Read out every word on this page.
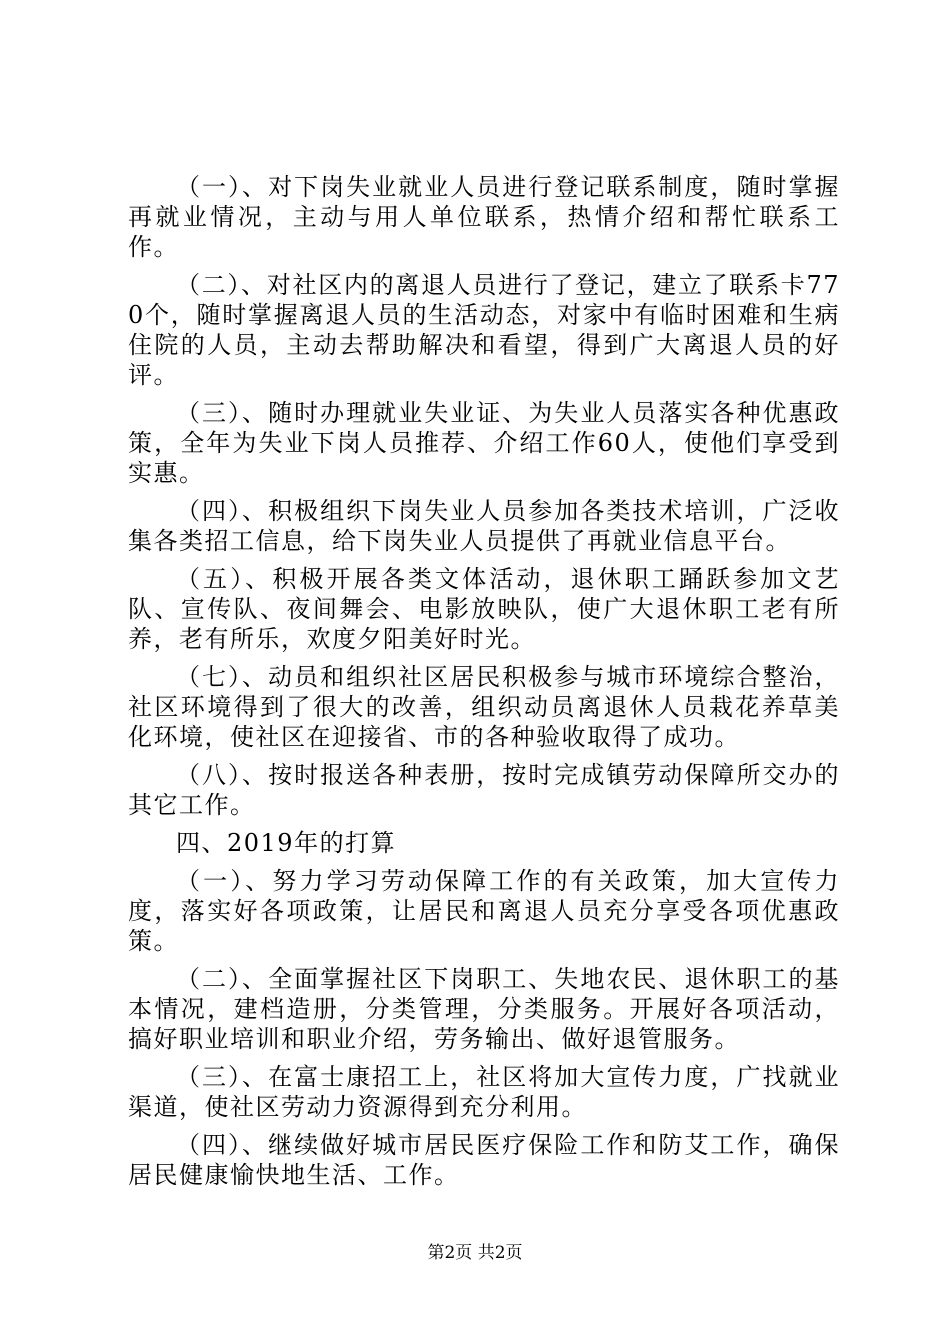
（一）、对下岗失业就业人员进行登记联系制度，随时掌握再就业情况，主动与用人单位联系，热情介绍和帮忙联系工作。

（二）、对社区内的离退人员进行了登记，建立了联系卡770个，随时掌握离退人员的生活动态，对家中有临时困难和生病住院的人员，主动去帮助解决和看望，得到广大离退人员的好评。

（三）、随时办理就业失业证、为失业人员落实各种优惠政策，全年为失业下岗人员推荐、介绍工作60人，使他们享受到实惠。

（四）、积极组织下岗失业人员参加各类技术培训，广泛收集各类招工信息，给下岗失业人员提供了再就业信息平台。

（五）、积极开展各类文体活动，退休职工踊跃参加文艺队、宣传队、夜间舞会、电影放映队，使广大退休职工老有所养，老有所乐，欢度夕阳美好时光。

（七）、动员和组织社区居民积极参与城市环境综合整治，社区环境得到了很大的改善，组织动员离退休人员栽花养草美化环境，使社区在迎接省、市的各种验收取得了成功。

（八）、按时报送各种表册，按时完成镇劳动保障所交办的其它工作。

四、2019年的打算

（一）、努力学习劳动保障工作的有关政策，加大宣传力度，落实好各项政策，让居民和离退人员充分享受各项优惠政策。

（二）、全面掌握社区下岗职工、失地农民、退休职工的基本情况，建档造册，分类管理，分类服务。开展好各项活动，搞好职业培训和职业介绍，劳务输出、做好退管服务。

（三）、在富士康招工上，社区将加大宣传力度，广找就业渠道，使社区劳动力资源得到充分利用。

（四）、继续做好城市居民医疗保险工作和防艾工作，确保居民健康愉快地生活、工作。

第2页 共2页
